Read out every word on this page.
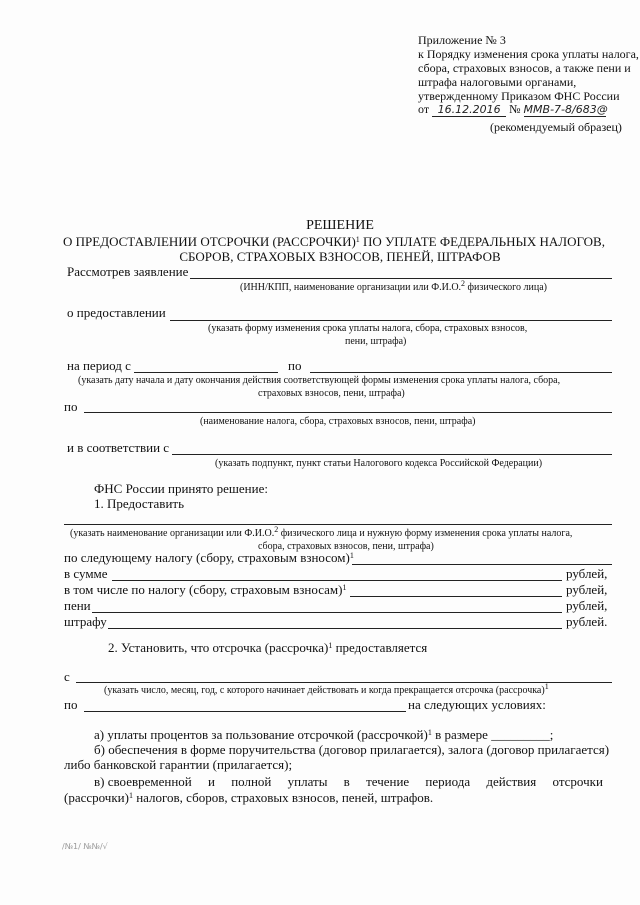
Приложение № 3
к Порядку изменения срока уплаты налога,
сбора, страховых взносов, а также пени и
штрафа налоговыми органами,
утвержденному Приказом ФНС России
от 16.12.2016 № ММВ-7-8/683@
(рекомендуемый образец)
РЕШЕНИЕ
О ПРЕДОСТАВЛЕНИИ ОТСРОЧКИ (РАССРОЧКИ)$^1$ ПО УПЛАТЕ ФЕДЕРАЛЬНЫХ НАЛОГОВ,
СБОРОВ, СТРАХОВЫХ ВЗНОСОВ, ПЕНЕЙ, ШТРАФОВ
Рассмотрев заявление
(ИНН/КПП, наименование организации или Ф.И.О.$^2$ физического лица)
о предоставлении
(указать форму изменения срока уплаты налога, сбора, страховых взносов,
пени, штрафа)
на период с	по
(указать дату начала и дату окончания действия соответствующей формы изменения срока уплаты налога, сбора,
страховых взносов, пени, штрафа)
по
(наименование налога, сбора, страховых взносов, пени, штрафа)
и в соответствии с
(указать подпункт, пункт статьи Налогового кодекса Российской Федерации)
ФНС России принято решение:
1. Предоставить
(указать наименование организации или Ф.И.О.$^2$ физического лица и нужную форму изменения срока уплаты налога,
сбора, страховых взносов, пени, штрафа)
по следующему налогу (сбору, страховым взносом)$^1$
в сумме	рублей,
в том числе по налогу (сбору, страховым взносам)$^1$	рублей,
пени	рублей,
штрафу	рублей.
2. Установить, что отсрочка (рассрочка)$^1$ предоставляется
с
(указать число, месяц, год, с которого начинает действовать и когда прекращается отсрочка (рассрочка)$^1$
по	на следующих условиях:
а) уплаты процентов за пользование отсрочкой (рассрочкой)$^1$ в размере _________;
б) обеспечения в форме поручительства (договор прилагается), залога (договор прилагается)
либо банковской гарантии (прилагается);
в) своевременной     и     полной     уплаты     в     течение     периода     действия     отсрочки
(рассрочки)$^1$ налогов, сборов, страховых взносов, пеней, штрафов.
/№1/ №№/√
